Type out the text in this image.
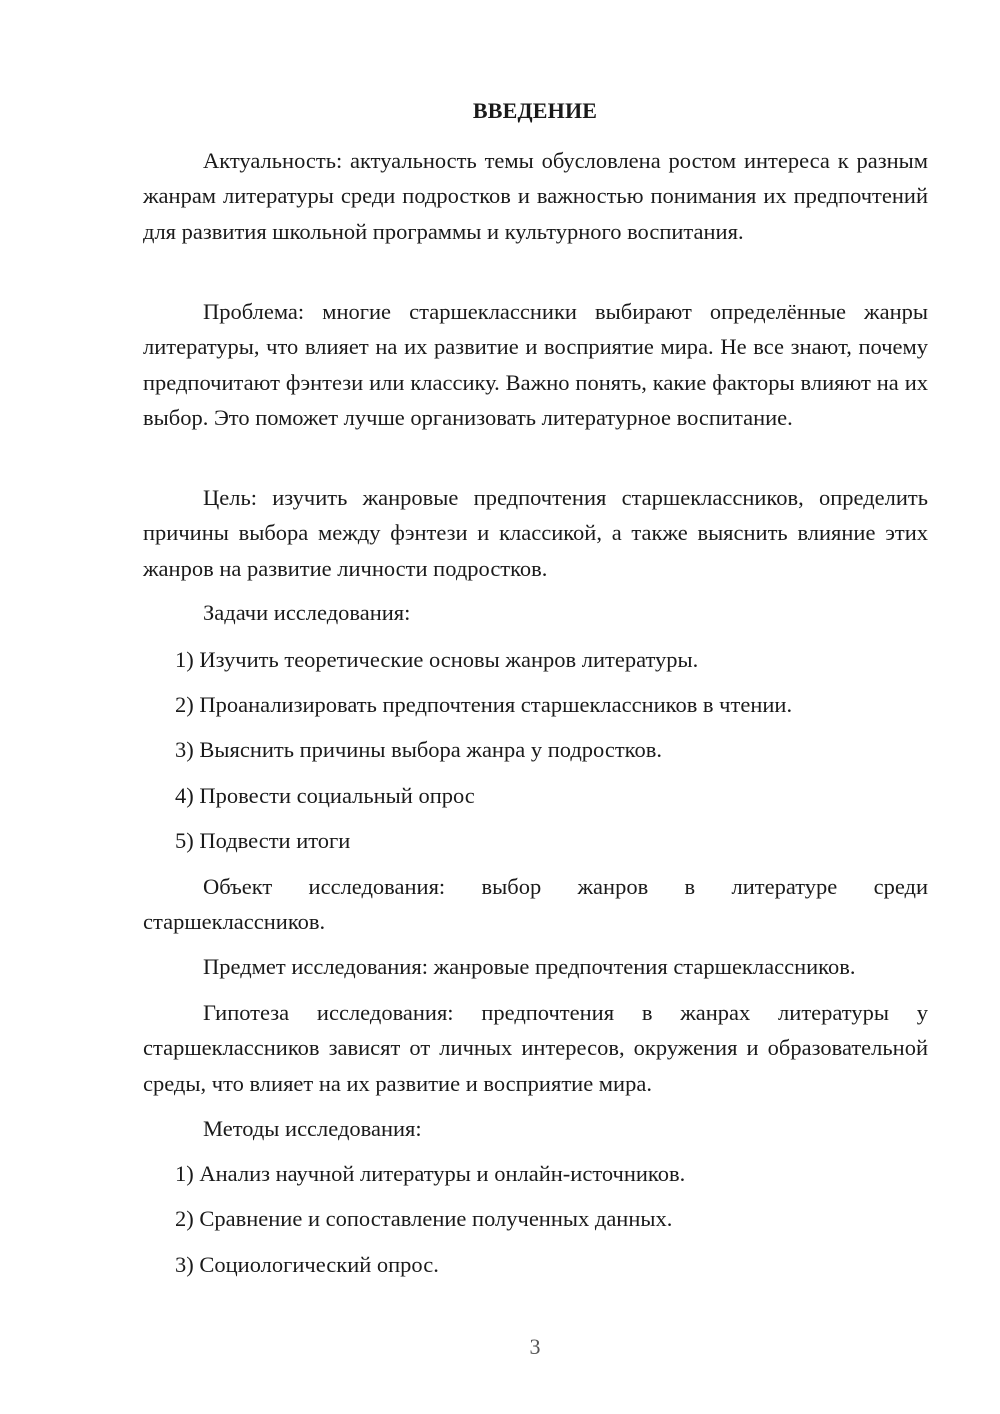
ВВЕДЕНИЕ

Актуальность: актуальность темы обусловлена ростом интереса к разным жанрам литературы среди подростков и важностью понимания их предпочтений для развития школьной программы и культурного воспитания.

Проблема: многие старшеклассники выбирают определённые жанры литературы, что влияет на их развитие и восприятие мира. Не все знают, почему предпочитают фэнтези или классику. Важно понять, какие факторы влияют на их выбор. Это поможет лучше организовать литературное воспитание.

Цель: изучить жанровые предпочтения старшеклассников, определить причины выбора между фэнтези и классикой, а также выяснить влияние этих жанров на развитие личности подростков.

Задачи исследования:

1) Изучить теоретические основы жанров литературы.

2) Проанализировать предпочтения старшеклассников в чтении.

3) Выяснить причины выбора жанра у подростков.

4) Провести социальный опрос

5) Подвести итоги

Объект исследования: выбор жанров в литературе среди старшеклассников.

Предмет исследования: жанровые предпочтения старшеклассников.

Гипотеза исследования: предпочтения в жанрах литературы у старшеклассников зависят от личных интересов, окружения и образовательной среды, что влияет на их развитие и восприятие мира.

Методы исследования:

1) Анализ научной литературы и онлайн-источников.

2) Сравнение и сопоставление полученных данных.

3) Социологический опрос.

3
